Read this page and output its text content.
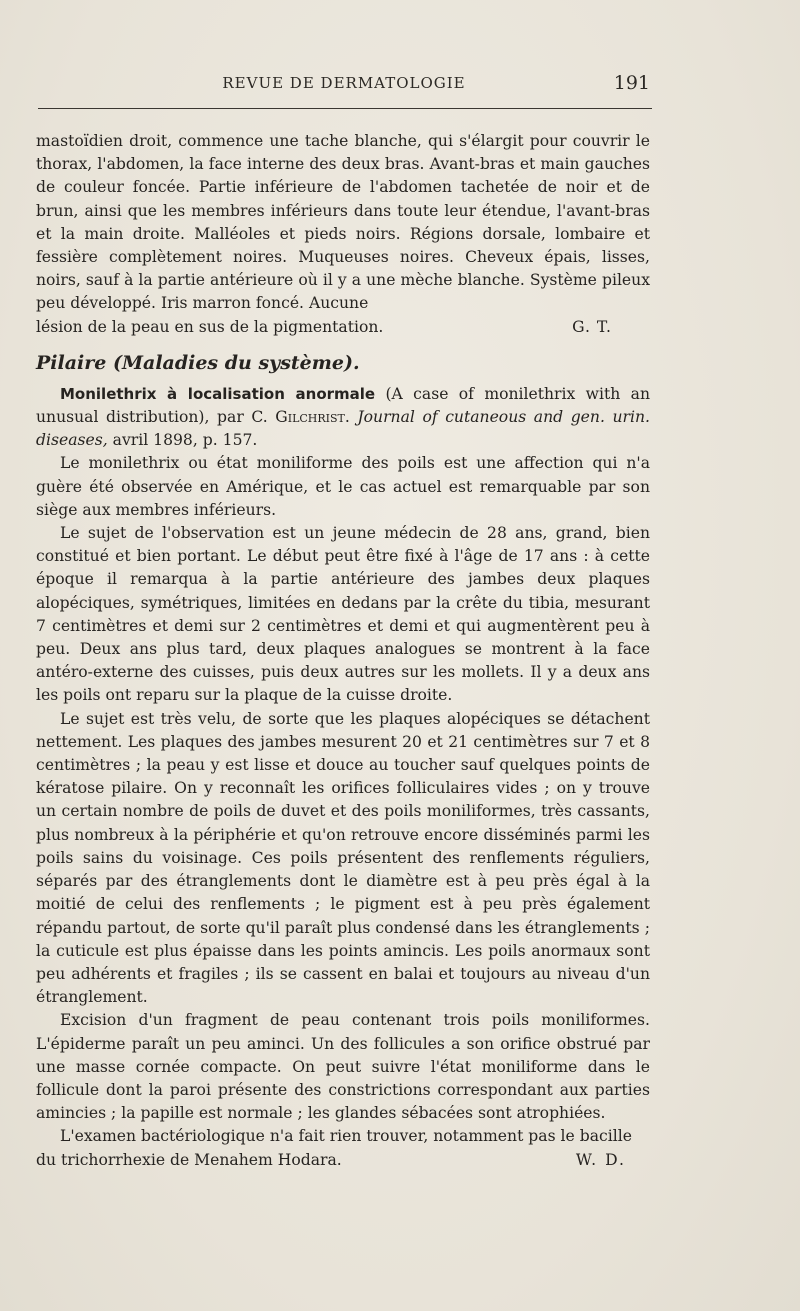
REVUE DE DERMATOLOGIE	191

mastoïdien droit, commence une tache blanche, qui s'élargit pour couvrir le thorax, l'abdomen, la face interne des deux bras. Avant-bras et main gauches de couleur foncée. Partie inférieure de l'abdomen tachetée de noir et de brun, ainsi que les membres inférieurs dans toute leur étendue, l'avant-bras et la main droite. Malléoles et pieds noirs. Régions dorsale, lombaire et fessière complètement noires. Muqueuses noires. Cheveux épais, lisses, noirs, sauf à la partie antérieure où il y a une mèche blanche. Système pileux peu développé. Iris marron foncé. Aucune

lésion de la peau en sus de la pigmentation.	G. T.
Pilaire (Maladies du système).

Monilethrix à localisation anormale (A case of monilethrix with an unusual distribution), par C. Gilchrist. Journal of cutaneous and gen. urin. diseases, avril 1898, p. 157.

Le monilethrix ou état moniliforme des poils est une affection qui n'a guère été observée en Amérique, et le cas actuel est remarquable par son siège aux membres inférieurs.

Le sujet de l'observation est un jeune médecin de 28 ans, grand, bien constitué et bien portant. Le début peut être fixé à l'âge de 17 ans : à cette époque il remarqua à la partie antérieure des jambes deux plaques alopéciques, symétriques, limitées en dedans par la crête du tibia, mesurant 7 centimètres et demi sur 2 centimètres et demi et qui augmentèrent peu à peu. Deux ans plus tard, deux plaques analogues se montrent à la face antéro-externe des cuisses, puis deux autres sur les mollets. Il y a deux ans les poils ont reparu sur la plaque de la cuisse droite.

Le sujet est très velu, de sorte que les plaques alopéciques se détachent nettement. Les plaques des jambes mesurent 20 et 21 centimètres sur 7 et 8 centimètres ; la peau y est lisse et douce au toucher sauf quelques points de kératose pilaire. On y reconnaît les orifices folliculaires vides ; on y trouve un certain nombre de poils de duvet et des poils moniliformes, très cassants, plus nombreux à la périphérie et qu'on retrouve encore disséminés parmi les poils sains du voisinage. Ces poils présentent des renflements réguliers, séparés par des étranglements dont le diamètre est à peu près égal à la moitié de celui des renflements ; le pigment est à peu près également répandu partout, de sorte qu'il paraît plus condensé dans les étranglements ; la cuticule est plus épaisse dans les points amincis. Les poils anormaux sont peu adhérents et fragiles ; ils se cassent en balai et toujours au niveau d'un étranglement.

Excision d'un fragment de peau contenant trois poils moniliformes. L'épiderme paraît un peu aminci. Un des follicules a son orifice obstrué par une masse cornée compacte. On peut suivre l'état moniliforme dans le follicule dont la paroi présente des constrictions correspondant aux parties amincies ; la papille est normale ; les glandes sébacées sont atrophiées.

L'examen bactériologique n'a fait rien trouver, notamment pas le bacille

du trichorrhexie de Menahem Hodara.	W. D.
